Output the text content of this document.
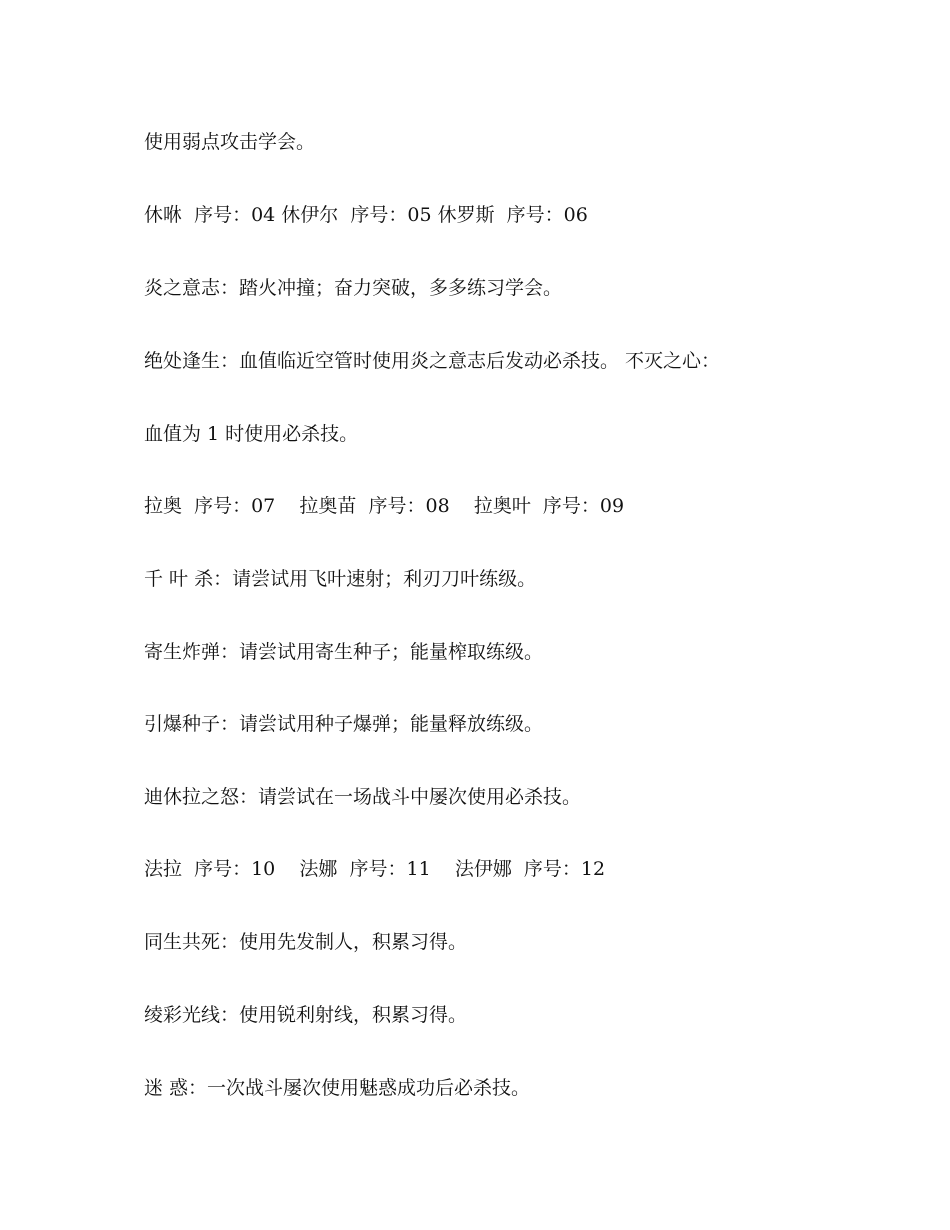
使用弱点攻击学会。
休咻  序号：04 休伊尔  序号：05 休罗斯  序号：06
炎之意志：踏火冲撞；奋力突破，多多练习学会。
绝处逢生：血值临近空管时使用炎之意志后发动必杀技。 不灭之心：
血值为 1 时使用必杀技。
拉奥  序号：07    拉奥苗  序号：08    拉奥叶  序号：09
千 叶 杀：请尝试用飞叶速射；利刃刀叶练级。
寄生炸弹：请尝试用寄生种子；能量榨取练级。
引爆种子：请尝试用种子爆弹；能量释放练级。
迪休拉之怒：请尝试在一场战斗中屡次使用必杀技。
法拉  序号：10    法娜  序号：11    法伊娜  序号：12
同生共死：使用先发制人，积累习得。
绫彩光线：使用锐利射线，积累习得。
迷 惑：一次战斗屡次使用魅惑成功后必杀技。
